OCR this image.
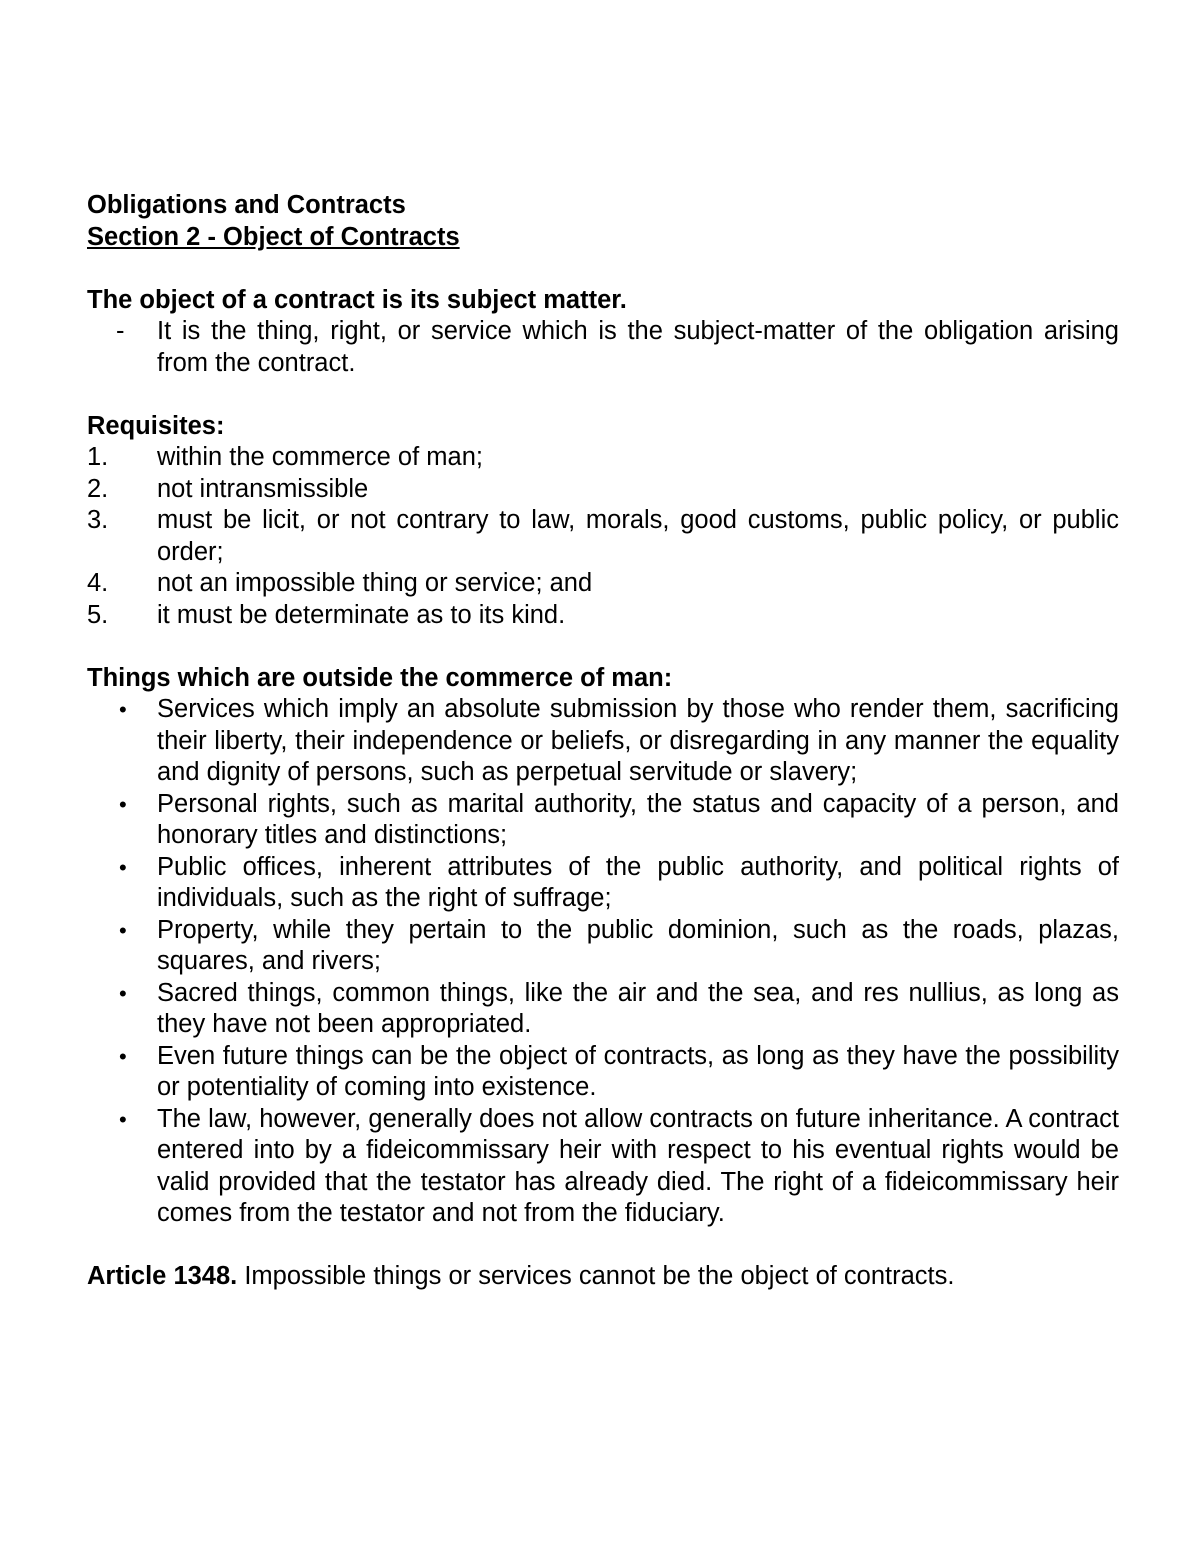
Obligations and Contracts

Section 2 - Object of Contracts

The object of a contract is its subject matter.

- It is the thing, right, or service which is the subject-matter of the obligation arising from the contract.

Requisites:

1.	within the commerce of man;

2.	not intransmissible

3.	must be licit, or not contrary to law, morals, good customs, public policy, or public order;

4.	not an impossible thing or service; and

5.	it must be determinate as to its kind.

Things which are outside the commerce of man:

• Services which imply an absolute submission by those who render them, sacrificing their liberty, their independence or beliefs, or disregarding in any manner the equality and dignity of persons, such as perpetual servitude or slavery;

• Personal rights, such as marital authority, the status and capacity of a person, and honorary titles and distinctions;

• Public offices, inherent attributes of the public authority, and political rights of individuals, such as the right of suffrage;

• Property, while they pertain to the public dominion, such as the roads, plazas, squares, and rivers;

• Sacred things, common things, like the air and the sea, and res nullius, as long as they have not been appropriated.

• Even future things can be the object of contracts, as long as they have the possibility or potentiality of coming into existence.

• The law, however, generally does not allow contracts on future inheritance. A contract entered into by a fideicommissary heir with respect to his eventual rights would be valid provided that the testator has already died. The right of a fideicommissary heir comes from the testator and not from the fiduciary.

Article 1348. Impossible things or services cannot be the object of contracts.
